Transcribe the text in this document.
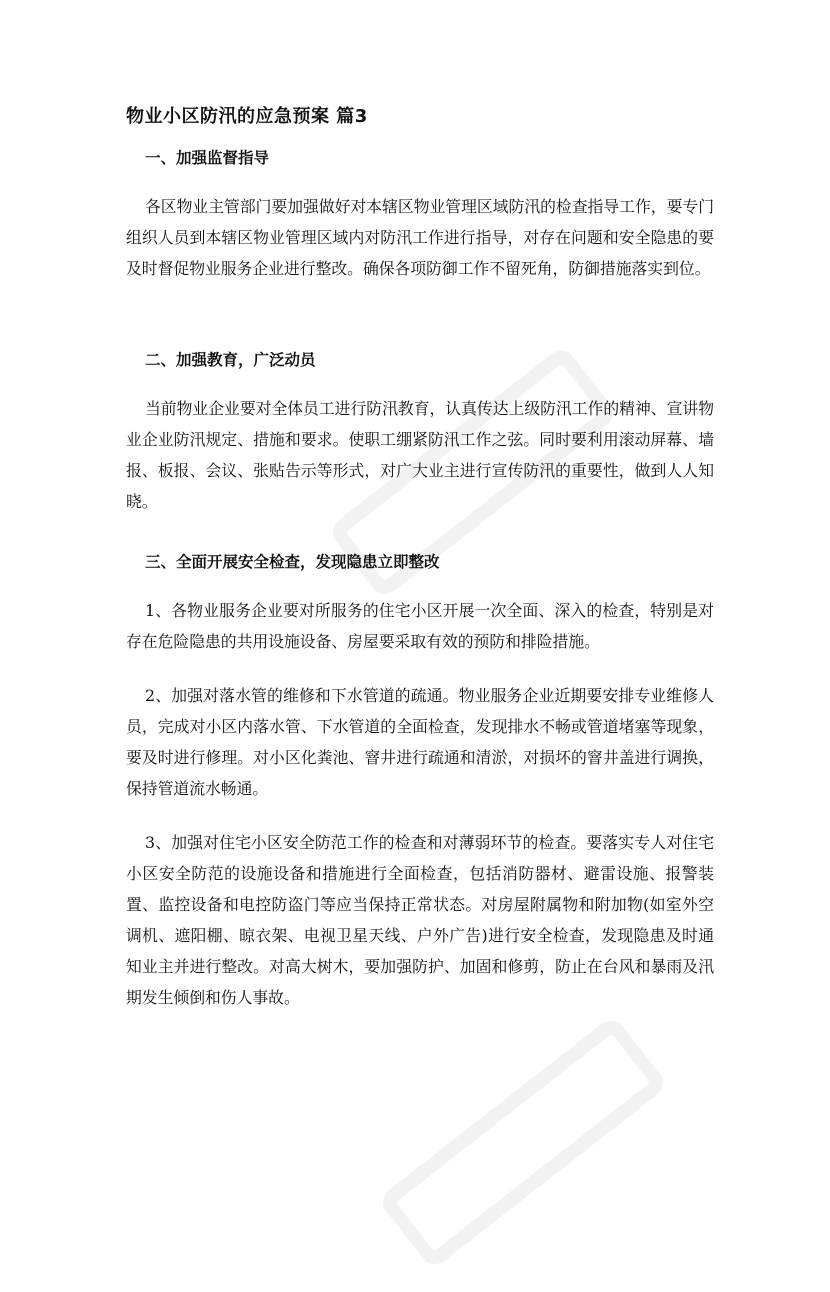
物业小区防汛的应急预案 篇3
一、加强监督指导

各区物业主管部门要加强做好对本辖区物业管理区域防汛的检查指导工作，要专门组织人员到本辖区物业管理区域内对防汛工作进行指导，对存在问题和安全隐患的要及时督促物业服务企业进行整改。确保各项防御工作不留死角，防御措施落实到位。

二、加强教育，广泛动员

当前物业企业要对全体员工进行防汛教育，认真传达上级防汛工作的精神、宣讲物业企业防汛规定、措施和要求。使职工绷紧防汛工作之弦。同时要利用滚动屏幕、墙报、板报、会议、张贴告示等形式，对广大业主进行宣传防汛的重要性，做到人人知晓。

三、全面开展安全检查，发现隐患立即整改

1、各物业服务企业要对所服务的住宅小区开展一次全面、深入的检查，特别是对存在危险隐患的共用设施设备、房屋要采取有效的预防和排险措施。

2、加强对落水管的维修和下水管道的疏通。物业服务企业近期要安排专业维修人员，完成对小区内落水管、下水管道的全面检查，发现排水不畅或管道堵塞等现象，要及时进行修理。对小区化粪池、窨井进行疏通和清淤，对损坏的窨井盖进行调换，保持管道流水畅通。

3、加强对住宅小区安全防范工作的检查和对薄弱环节的检查。要落实专人对住宅小区安全防范的设施设备和措施进行全面检查，包括消防器材、避雷设施、报警装置、监控设备和电控防盗门等应当保持正常状态。对房屋附属物和附加物(如室外空调机、遮阳棚、晾衣架、电视卫星天线、户外广告)进行安全检查，发现隐患及时通知业主并进行整改。对高大树木，要加强防护、加固和修剪，防止在台风和暴雨及汛期发生倾倒和伤人事故。
